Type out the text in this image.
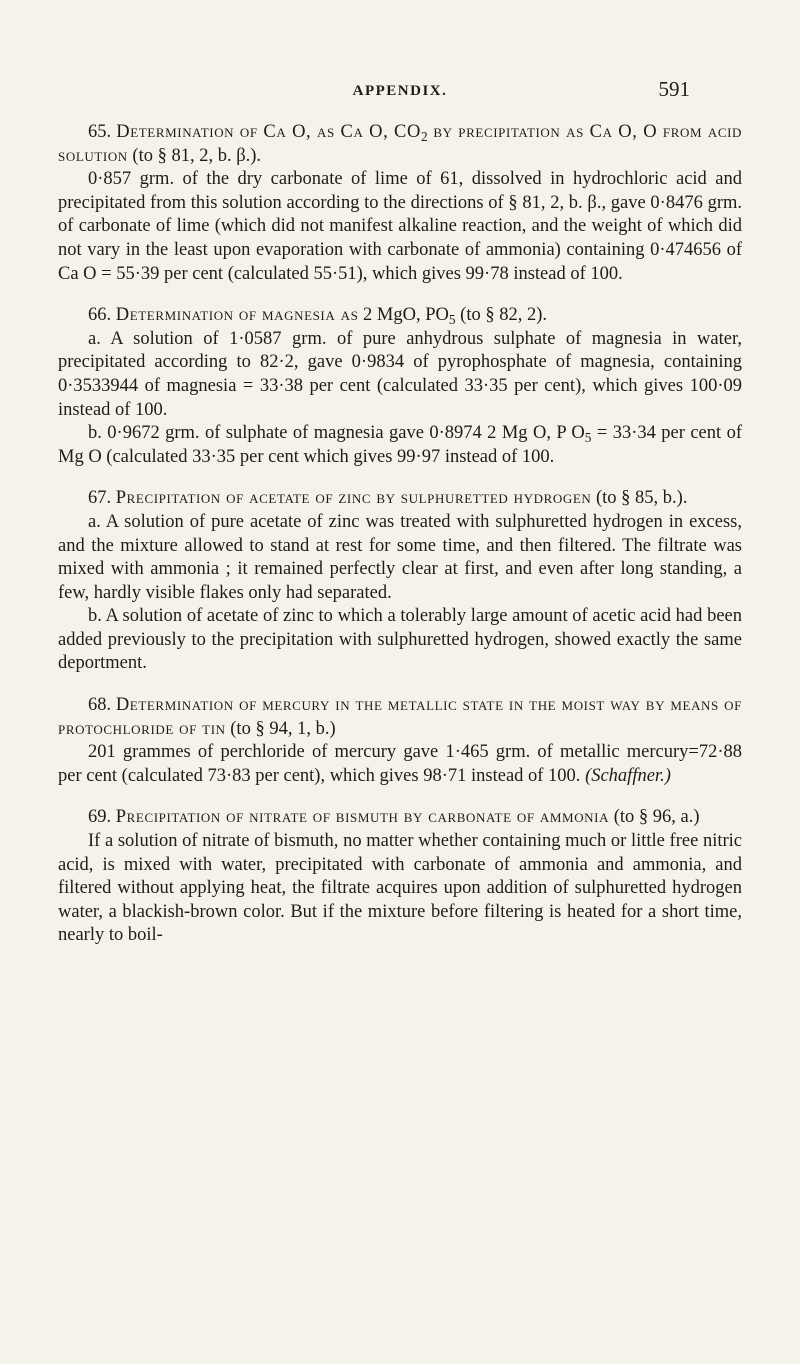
APPENDIX.	591

65. Determination of Ca O, as Ca O, $CO_2$ by precipitation as Ca O, O from acid solution (to § 81, 2, b. β.).

0·857 grm. of the dry carbonate of lime of 61, dissolved in hydrochloric acid and precipitated from this solution according to the directions of § 81, 2, b. β., gave 0·8476 grm. of carbonate of lime (which did not manifest alkaline reaction, and the weight of which did not vary in the least upon evaporation with carbonate of ammonia) containing 0·474656 of Ca O = 55·39 per cent (calculated 55·51), which gives 99·78 instead of 100.

66. Determination of magnesia as 2 MgO, $PO_5$ (to § 82, 2).

a. A solution of 1·0587 grm. of pure anhydrous sulphate of magnesia in water, precipitated according to 82·2, gave 0·9834 of pyrophosphate of magnesia, containing 0·3533944 of magnesia = 33·38 per cent (calculated 33·35 per cent), which gives 100·09 instead of 100.

b. 0·9672 grm. of sulphate of magnesia gave 0·8974 2 Mg O, P $O_5 = 33\cdot 34$ per cent of Mg O (calculated 33·35 per cent which gives 99·97 instead of 100.

67. Precipitation of acetate of zinc by sulphuretted hydrogen (to § 85, b.).

a. A solution of pure acetate of zinc was treated with sulphuretted hydrogen in excess, and the mixture allowed to stand at rest for some time, and then filtered. The filtrate was mixed with ammonia ; it remained perfectly clear at first, and even after long standing, a few, hardly visible flakes only had separated.

b. A solution of acetate of zinc to which a tolerably large amount of acetic acid had been added previously to the precipitation with sulphuretted hydrogen, showed exactly the same deportment.

68. Determination of mercury in the metallic state in the moist way by means of protochloride of tin (to § 94, 1, b.)

201 grammes of perchloride of mercury gave 1·465 grm. of metallic mercury=72·88 per cent (calculated 73·83 per cent), which gives 98·71 instead of 100. (Schaffner.)

69. Precipitation of nitrate of bismuth by carbonate of ammonia (to § 96, a.)

If a solution of nitrate of bismuth, no matter whether containing much or little free nitric acid, is mixed with water, precipitated with carbonate of ammonia and ammonia, and filtered without applying heat, the filtrate acquires upon addition of sulphuretted hydrogen water, a blackish-brown color. But if the mixture before filtering is heated for a short time, nearly to boil-
